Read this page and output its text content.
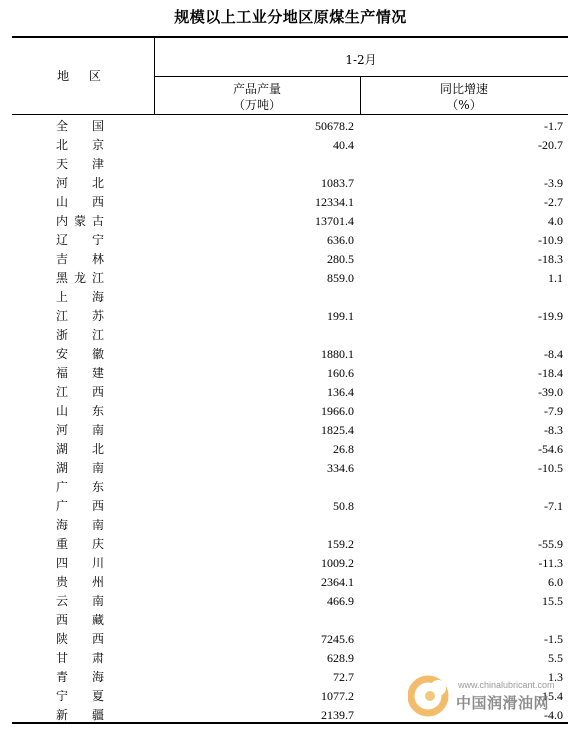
规模以上工业分地区原煤生产情况
地 区
1-2月
产品产量
（万吨）
同比增速
（%）
全国	50678.2	-1.7
北京	40.4	-20.7
天津
河北	1083.7	-3.9
山西	12334.1	-2.7
内蒙古	13701.4	4.0
辽宁	636.0	-10.9
吉林	280.5	-18.3
黑龙江	859.0	1.1
上海
江苏	199.1	-19.9
浙江
安徽	1880.1	-8.4
福建	160.6	-18.4
江西	136.4	-39.0
山东	1966.0	-7.9
河南	1825.4	-8.3
湖北	26.8	-54.6
湖南	334.6	-10.5
广东
广西	50.8	-7.1
海南
重庆	159.2	-55.9
四川	1009.2	-11.3
贵州	2364.1	6.0
云南	466.9	15.5
西藏
陕西	7245.6	-1.5
甘肃	628.9	5.5
青海	72.7	1.3
宁夏	1077.2	-15.4
新疆	2139.7	-4.0
www.chinalubricant.com
中国润滑油网
